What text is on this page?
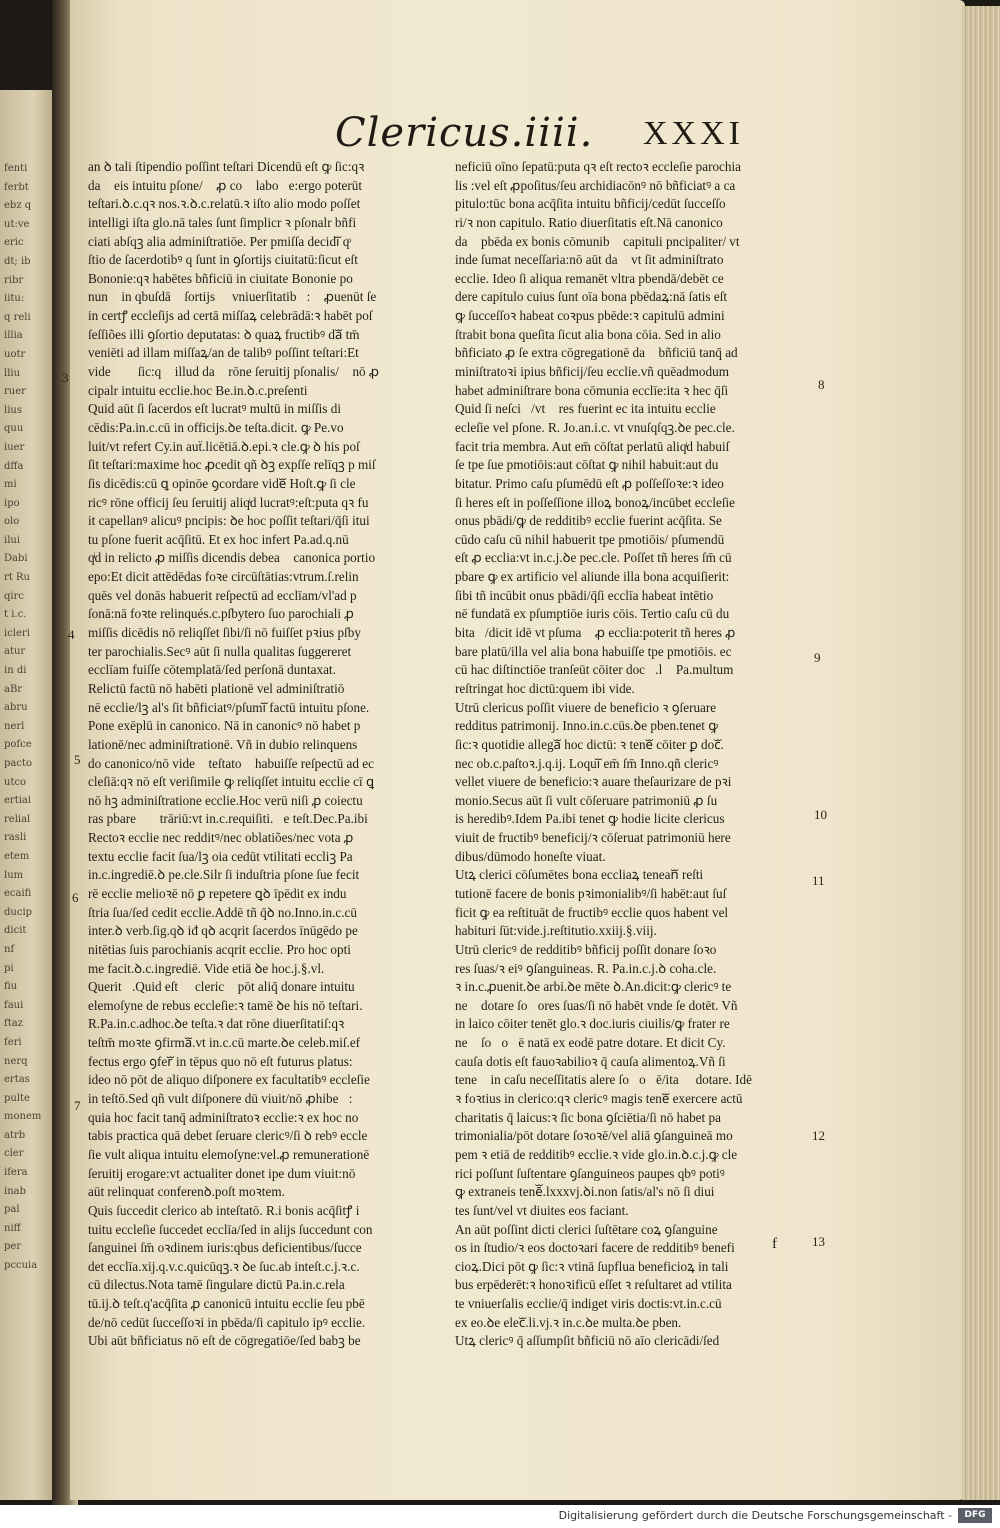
fenti
ferbt
ebz q
ut:ve
eric
dt; ib
ribr
iitu:
q reli
illia
uotr
lliu
ruer
lius
quu
iuer
dffa
mi
ipo
olo
ilui
Dabi
rt Ru
qirc
t i.c.
icleri
atur
in di
aBr
abru
nerl
pofce
pacto
utco
ertiai
relial
rasli
etem
lum
ecaifi
ducip
dicit
nf
pi
fiu
faui
ftaz
feri
nerq
ertas
pulte
monem
atrb
cler
ifera
inab
pal
niff
per
pccuia
Clericus.iiii. XXXI
an ꝺ tali ſtipendio poſſint teſtari Dicendū eſt ꝙ ſic:qꝛ
daᷓ eis intuitu pſone/ꝛ ꝓ coꝝ laboꝛe:ergo poterūt
teſtari.ꝺ.c.qꝛ nos.ꝛ.ꝺ.c.relatū.ꝛ iſto alio modo poſſet
intelligi iſta glo.nā tales ſunt ſimplicr ꝛ pſonalr bñfi
ciati abſqꝫ alia adminiſtratiōe. Per pmiſſa decidiᷓ qͦ
ſtio de ſacerdotibꝰ q ſunt in ꝯſortijs ciuitatū:ſicut eſt
Bononie:qꝛ habētes bñficiū in ciuitate Bononie po
nunᷓ in qbuſdā ꝯſortijs ꝛ vniuerſitatibꝰ:ꝛ ꝓuenūt ſe
in certꝭ eccleſijs ad certā miſſaꝝ celebrādā:ꝛ habēt poſ
ſeſſiões illi ꝯſortio deputatas: ꝺ quaꝝ fructibꝰ daᷓ tm̄
veniēti ad illam miſſaꝝ/an de talibꝰ poſſint teſtari:Et
videᷓ ꝙ ſic:qꝛ illud daᷓ rōne ſeruitij pſonalis/ꝛ nō ꝓ
cipalr intuitu ecclie.hoc Be.in.ꝺ.c.preſenti
Quid aūt ſi ſacerdos eſt lucratꝰ multū in miſſis di
cēdis:Pa.in.c.cū in officijs.ꝺe teſta.dicit. ꝙ Pe.vo
luit/vt refert Cy.in auẗ.licētiā.ꝺ.epi.ꝛ cle.ꝙ ꝺ his poſ
ſit teſtari:maxime hoc ꝓcedit qñ ꝺꝫ expſſe relīqꝫ p miſ
ſis dicēdis:cū ꝗ opinōe ꝯcordare videᷓ Hoſt.ꝙ ſi cle
ricꝰ rōne officij ſeu ſeruitij aliqͥd lucratꝰ:eſt:puta qꝛ fu
it capellanꝰ alicuꝰ pncipis: ꝺe hoc poſſit teſtari/q̄ſi itui
tu pſone fuerit acq̄ſitū. Et ex hoc infert Pa.ad.q.nū
qͥd in relicto ꝓ miſſis dicendis debeaᷓ canonica portio
epo:Et dicit attēdēdas foꝛe circūſtātias:vtrum.ſ.relin
quēs vel donās habuerit reſpectū ad ecclīam/vl'ad p
ſonā:nā foꝛte relinqués.c.pſbytero ſuo parochiali ꝓ
miſſis dicēdis nō reliqſſet ſibi/ſi nō fuiſſet pꝛius pſby
ter parochialis.Secꝰ aūt ſi nulla qualitas ſuggereret
ecclīam fuiſſe cōtemplatā/ſed perſonā duntaxat.
Relictū factū nō habēti plationē vel adminiſtratiō
nē ecclie/lꝫ al's ſit bñficiatꝰ/pſumiᷓ factū intuitu pſone.
Pone exēplū in canonico. Nā in canonicꝰ nō habet p
lationē/nec adminiſtrationē. Vñ in dubio relinquens
do canonico/nō videᷓ teſtatoꝛ habuiſſe reſpectū ad ec
cleſiā:qꝛ nō eſt veriſimile ꝙ reliqſſet intuitu ecclie cī ꝗ
nō hꝫ adminiſtratione ecclie.Hoc verū niſi ꝓ coiectu
ras pbareᷓ ꝯtrāriū:vt in.c.requiſiti.ꝺe teſt.Dec.Pa.ibi
Rectoꝛ ecclie nec redditꝰ/nec oblatiões/nec vota ꝓ
textu ecclie facit ſua/lꝫ oia cedūt vtilitati eccliꝫ Pa
in.c.ingrediē.ꝺ pe.cle.Silr ſi induſtria pſone ſue fecit
rē ecclie melioꝛē nō ꝑ repetere ꝗꝺ īpēdit ex indu
ſtria ſua/ſed cedit ecclie.Addē tñ q̄ꝺ no.Inno.in.c.cū
inter.ꝺ verb.ſig.qꝺ iđ qꝺ acqrit ſacerdos īnūgēdo pe
nitētias ſuis parochianis acqrit ecclie. Pro hoc opti
me facit.ꝺ.c.ingrediē. Vide etiā ꝺe hoc.j.§.vl.
Queritᷓ.Quid eſt ꝙ clericꝰ pōt aliq̄ donare intuitu
elemoſyne de rebus eccleſie:ꝛ tamē ꝺe his nō teſtari.
R.Pa.in.c.adhoc.ꝺe teſta.ꝛ dat rōne diuerſitatiſ:qꝛ
teſtm̄ moꝛte ꝯfirmaᷓ.vt in.c.cū marte.ꝺe celeb.miſ.ef
fectus ergo ꝯferᷓ in tēpus quo nō eſt futurus platus:
ideo nō pōt de aliquo diſponere ex facultatibꝰ eccleſie
in teſtō.Sed qñ vult diſponere dū viuit/nō ꝓhibeᷓ:
quia hoc facit tanq̄ adminiſtratoꝛ ecclie:ꝛ ex hoc no
tabis practica quā debet ſeruare clericꝰ/ſi ꝺ rebꝰ eccle
ſie vult aliqua intuitu elemoſyne:vel.ꝓ remunerationē
ſeruitij erogare:vt actualiter donet ipe dum viuit:nō
aūt relinquat conferenꝺ.poſt moꝛtem.
Quis ſuccedit clerico ab inteſtatō. R.i bonis acq̄ſitꝭ i
tuitu eccleſie ſuccedet ecclīa/ſed in alijs ſuccedunt con
ſanguinei ſm̄ oꝛdinem iuris:qbus deficientibus/ſucce
det ecclīa.xij.q.v.c.quicūqꝫ.ꝛ ꝺe ſuc.ab inteſt.c.j.ꝛ.c.
cū dilectus.Nota tamē ſingulare dictū Pa.in.c.rela
tū.ij.ꝺ teſt.q'acq̄ſita ꝓ canonicū intuitu ecclie ſeu pbē
de/nō cedūt ſucceſſoꝛi in pbēda/ſi capitulo ipꝰ ecclie.
Ubi aūt bñficiatus nō eſt de cōgregatiōe/ſed babꝫ be
neficiū oīno ſepatū:puta qꝛ eſt rectoꝛ eccleſie parochia
lis :vel eſt ꝓpoſitus/ſeu archidiacōnꝰ nō bñficiatꝰ a ca
pitulo:tūc bona acq̄ſita intuitu bñficij/cedūt ſucceſſo
ri/ꝛ non capitulo. Ratio diuerſitatis eſt.Nā canonico
daᷓ pbēda ex bonis cōmunibꝰ capituli pncipaliter/ vt
inde ſumat neceſſaria:nō aūt daᷓ vt ſit adminiſtratoꝛ
ecclie. Ideo ſi aliqua remanēt vltra pbendā/debēt ce
dere capitulo cuius ſunt oīa bona pbēdaꝝ:nā ſatis eſt
ꝙ ſucceſſoꝛ habeat coꝛpus pbēde:ꝛ capitulū admini
ſtrabit bona queſita ſicut alia bona cōia. Sed in alio
bñficiato ꝓ ſe extra cōgregationē daᷓ bñficiū tanq̄ ad
miniſtratoꝛi ipius bñficij/ſeu ecclie.vñ quēadmodum
habet adminiſtrare bona cōmunia ecclīe:ita ꝛ hec q̄ſi
Quid ſi neſciᷓ/vtꝝ res fuerint ec ita intuitu ecclie
ecleſie vel pſone. R. Jo.an.i.c. vt vnuſqſqꝫ.ꝺe pec.cle.
facit tria membra. Aut em̄ cōſtat perlatū aliqͥd habuiſ
ſe tpe ſue pmotiōis:aut cōſtat ꝙ nihil habuit:aut du
bitatur. Primo caſu pſumēdū eſt ꝓ poſſeſſoꝛe:ꝛ ideo
ſi heres eſt in poſſeſſione illoꝝ bonoꝝ/incūbet eccleſie
onus pbādi/ꝙ de redditibꝰ ecclie fuerint acq̄ſita. Se
cūdo caſu cū nihil habuerit tpe pmotiōis/ pſumendū
eſt ꝓ ecclia:vt in.c.j.ꝺe pec.cle. Poſſet tñ heres ſm̄ cū
pbare ꝙ ex artificio vel aliunde illa bona acquiſierit:
ſibi tñ incūbit onus pbādi/q̄ſi ecclīa habeat intētio
nē fundatā ex pſumptiōe iuris cōis. Tertio caſu cū du
bitaᷓ/dicit idē vt pſumaᷓ ꝓ ecclia:poterit tñ heres ꝓ
bare platū/illa vel alia bona habuiſſe tpe pmotiōis. ec
cū hac diſtinctiōe tranſeūt cōiter docᷓ.lꝫ Pa.multum
reſtringat hoc dictū:quem ibi vide.
Utrū clericus poſſit viuere de beneficio ꝛ ꝯſeruare
redditus patrimonij. Inno.in.c.cūs.ꝺe pben.tenet ꝙ
ſic:ꝛ quotidie allegaᷓ hoc dictū: ꝛ teneᷓ cōiter ꝑ docᷓ.
nec ob.c.paſtoꝛ.j.q.ij. Loquiᷓ em̄ ſm̄ Inno.qñ clericꝰ
vellet viuere de beneficio:ꝛ auare theſaurizare de pꝛi
monio.Secus aūt ſi vult cōſeruare patrimoniū ꝓ ſu
is heredibꝰ.Idem Pa.ibi tenet ꝙ hodie licite clericus
viuit de fructibꝰ beneficij/ꝛ cōſeruat patrimoniū here
dibus/dūmodo honeſte viuat.
Utꝝ clerici cōſumētes bona eccliaꝝ teneanᷓ reſti
tutionē facere de bonis pꝛimonialibꝰ/ſi habēt:aut ſuſ
ficit ꝙ ea reſtituāt de fructibꝰ ecclie quos habent vel
habituri ſūt:vide.j.reſtitutio.xxiij.§.viij.
Utrū clericꝰ de redditibꝰ bñficij poſſit donare ſoꝛo
res ſuas/ꝛ eiꝰ ꝯſanguineas. R. Pa.in.c.j.ꝺ coha.cle.
ꝛ in.c.ꝓuenit.ꝺe arbi.ꝺe mēte ꝺ.An.dicit:ꝙ clericꝰ te
neᷓ dotare ſoꝛores ſuas/ſi nō habēt vnde ſe dotēt. Vñ
in laico cōiter tenēt glo.ꝛ doc.iuris ciuilis/ꝙ frater re
neᷓ ſoꝛoꝛē natā ex eodē patre dotare. Et dicit Cy.ꝙ
cauſa dotis eſt fauoꝛabilioꝛ q̄ cauſa alimentoꝝ.Vñ ſi
teneᷓ in caſu neceſſitatis alere ſoꝛoꝛē/ita ꝛ dotare. Idē
ꝛ foꝛtius in clerico:qꝛ clericꝰ magis teneᷓ exercere actū
charitatis q̄ laicus:ꝛ ſic bona ꝯſciētia/ſi nō habet pa
trimonialia/pōt dotare ſoꝛoꝛē/vel aliā ꝯſanguineā mo
pem ꝛ etiā de redditibꝰ ecclie.ꝛ vide glo.in.ꝺ.c.j.ꝙ cle
rici poſſunt ſuſtentare ꝯſanguineos paupes qbꝰ potiꝰ
ꝙ extraneis tenēᷓ.lxxxvj.ꝺi.non ſatis/al's nō ſi diui
tes ſunt/vel vt diuites eos faciant.
An aūt poſſint dicti clerici ſuſtētare coꝝ ꝯſanguine
os in ſtudio/ꝛ eos doctoꝛari facere de redditibꝰ benefi
cioꝝ.Dici pōt ꝙ ſic:ꝛ vtinā ſupflua beneficioꝝ in tali
bus erpēderēt:ꝛ honoꝛificū eſſet ꝛ reſultaret ad vtilita
te vniuerſalis ecclie/q̄ indiget viris doctis:vt.in.c.cū
ex eo.ꝺe elecᷓ.li.vj.ꝛ in.c.ꝺe multa.ꝺe pben.
Utꝝ clericꝰ q̄ aſſumpſit bñficiū nō aīo clericādi/ſed
3
4
5
6
7
8
9
10
11
12
13
f
Digitalisierung gefördert durch die Deutsche Forschungsgemeinschaft -	DFG
